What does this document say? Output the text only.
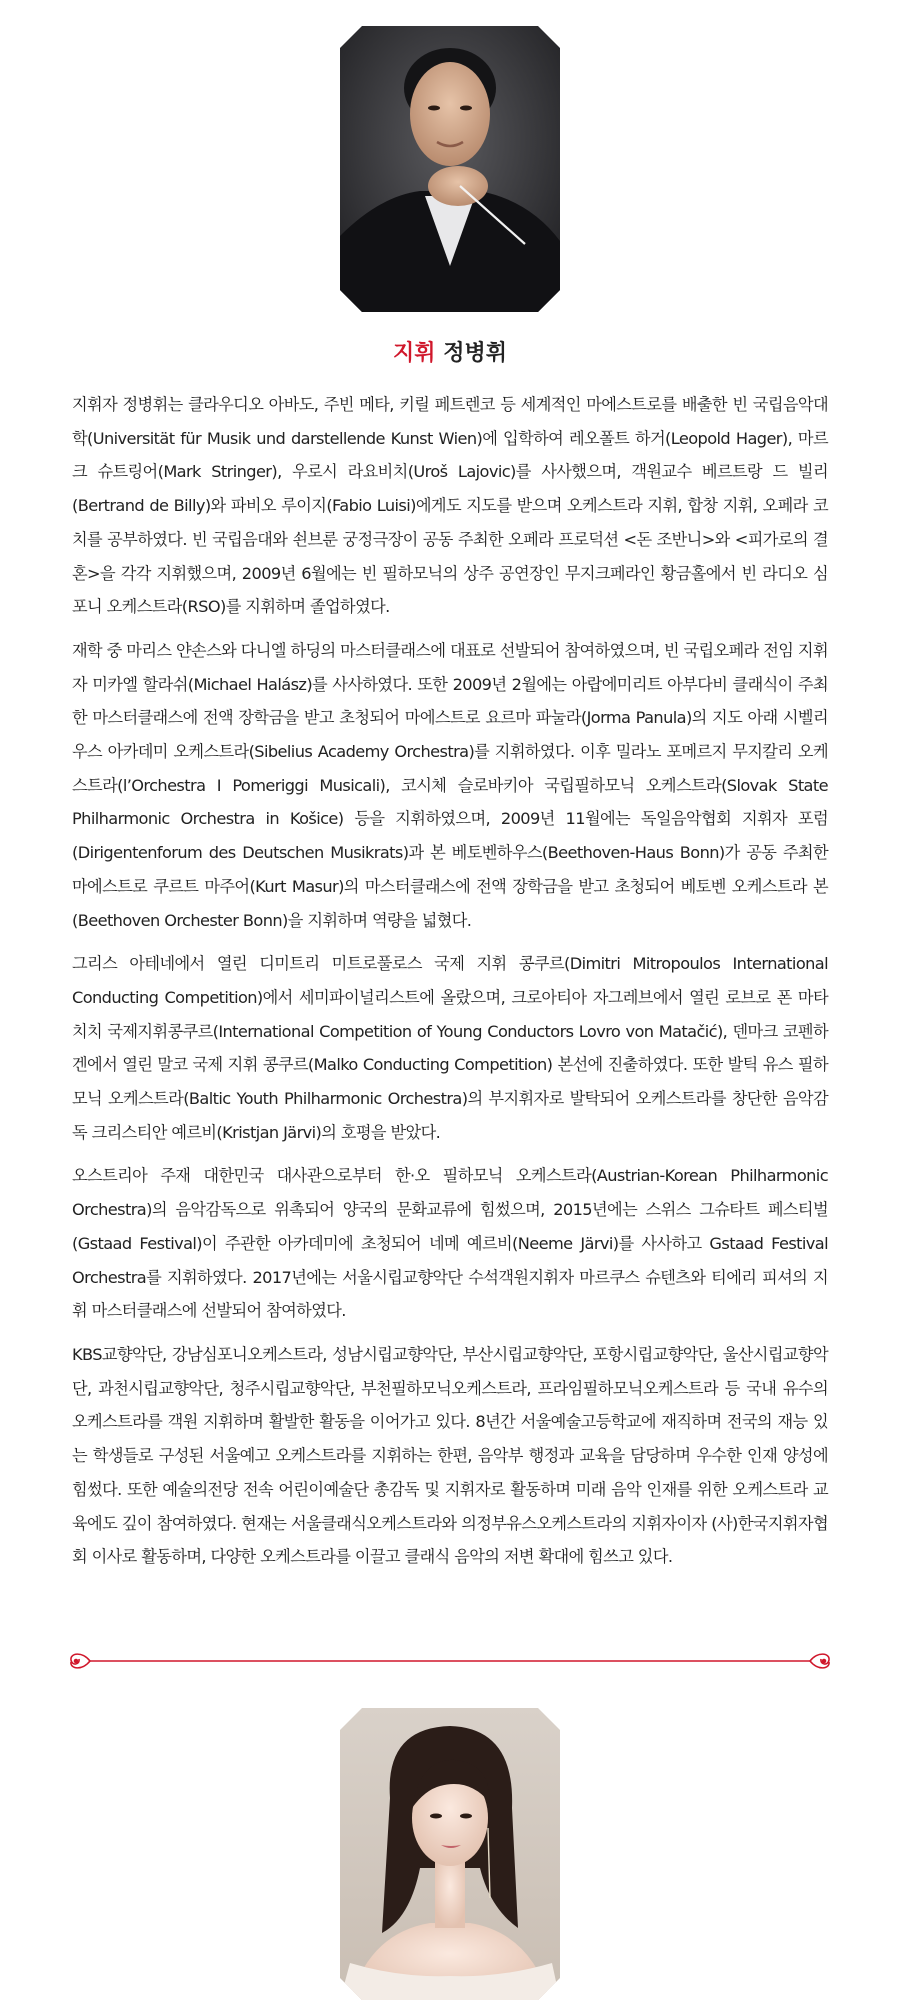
지휘 정병휘

지휘자 정병휘는 클라우디오 아바도, 주빈 메타, 키릴 페트렌코 등 세계적인 마에스트로를 배출한 빈 국립음악대학(Universität für Musik und darstellende Kunst Wien)에 입학하여 레오폴트 하거(Leopold Hager), 마르크 슈트링어(Mark Stringer), 우로시 라요비치(Uroš Lajovic)를 사사했으며, 객원교수 베르트랑 드 빌리(Bertrand de Billy)와 파비오 루이지(Fabio Luisi)에게도 지도를 받으며 오케스트라 지휘, 합창 지휘, 오페라 코치를 공부하였다. 빈 국립음대와 쇤브룬 궁정극장이 공동 주최한 오페라 프로덕션 <돈 조반니>와 <피가로의 결혼>을 각각 지휘했으며, 2009년 6월에는 빈 필하모닉의 상주 공연장인 무지크페라인 황금홀에서 빈 라디오 심포니 오케스트라(RSO)를 지휘하며 졸업하였다.

재학 중 마리스 얀손스와 다니엘 하딩의 마스터클래스에 대표로 선발되어 참여하였으며, 빈 국립오페라 전임 지휘자 미카엘 할라쉬(Michael Halász)를 사사하였다. 또한 2009년 2월에는 아랍에미리트 아부다비 클래식이 주최한 마스터클래스에 전액 장학금을 받고 초청되어 마에스트로 요르마 파눌라(Jorma Panula)의 지도 아래 시벨리우스 아카데미 오케스트라(Sibelius Academy Orchestra)를 지휘하였다. 이후 밀라노 포메르지 무지칼리 오케스트라(l’Orchestra I Pomeriggi Musicali), 코시체 슬로바키아 국립필하모닉 오케스트라(Slovak State Philharmonic Orchestra in Košice) 등을 지휘하였으며, 2009년 11월에는 독일음악협회 지휘자 포럼(Dirigentenforum des Deutschen Musikrats)과 본 베토벤하우스(Beethoven-Haus Bonn)가 공동 주최한 마에스트로 쿠르트 마주어(Kurt Masur)의 마스터클래스에 전액 장학금을 받고 초청되어 베토벤 오케스트라 본(Beethoven Orchester Bonn)을 지휘하며 역량을 넓혔다.

그리스 아테네에서 열린 디미트리 미트로풀로스 국제 지휘 콩쿠르(Dimitri Mitropoulos International Conducting Competition)에서 세미파이널리스트에 올랐으며, 크로아티아 자그레브에서 열린 로브로 폰 마타치치 국제지휘콩쿠르(International Competition of Young Conductors Lovro von Matačić), 덴마크 코펜하겐에서 열린 말코 국제 지휘 콩쿠르(Malko Conducting Competition) 본선에 진출하였다. 또한 발틱 유스 필하모닉 오케스트라(Baltic Youth Philharmonic Orchestra)의 부지휘자로 발탁되어 오케스트라를 창단한 음악감독 크리스티안 예르비(Kristjan Järvi)의 호평을 받았다.

오스트리아 주재 대한민국 대사관으로부터 한·오 필하모닉 오케스트라(Austrian-Korean Philharmonic Orchestra)의 음악감독으로 위촉되어 양국의 문화교류에 힘썼으며, 2015년에는 스위스 그슈타트 페스티벌(Gstaad Festival)이 주관한 아카데미에 초청되어 네메 예르비(Neeme Järvi)를 사사하고 Gstaad Festival Orchestra를 지휘하였다. 2017년에는 서울시립교향악단 수석객원지휘자 마르쿠스 슈텐츠와 티에리 피셔의 지휘 마스터클래스에 선발되어 참여하였다.

KBS교향악단, 강남심포니오케스트라, 성남시립교향악단, 부산시립교향악단, 포항시립교향악단, 울산시립교향악단, 과천시립교향악단, 청주시립교향악단, 부천필하모닉오케스트라, 프라임필하모닉오케스트라 등 국내 유수의 오케스트라를 객원 지휘하며 활발한 활동을 이어가고 있다. 8년간 서울예술고등학교에 재직하며 전국의 재능 있는 학생들로 구성된 서울예고 오케스트라를 지휘하는 한편, 음악부 행정과 교육을 담당하며 우수한 인재 양성에 힘썼다. 또한 예술의전당 전속 어린이예술단 총감독 및 지휘자로 활동하며 미래 음악 인재를 위한 오케스트라 교육에도 깊이 참여하였다. 현재는 서울클래식오케스트라와 의정부유스오케스트라의 지휘자이자 (사)한국지휘자협회 이사로 활동하며, 다양한 오케스트라를 이끌고 클래식 음악의 저변 확대에 힘쓰고 있다.
